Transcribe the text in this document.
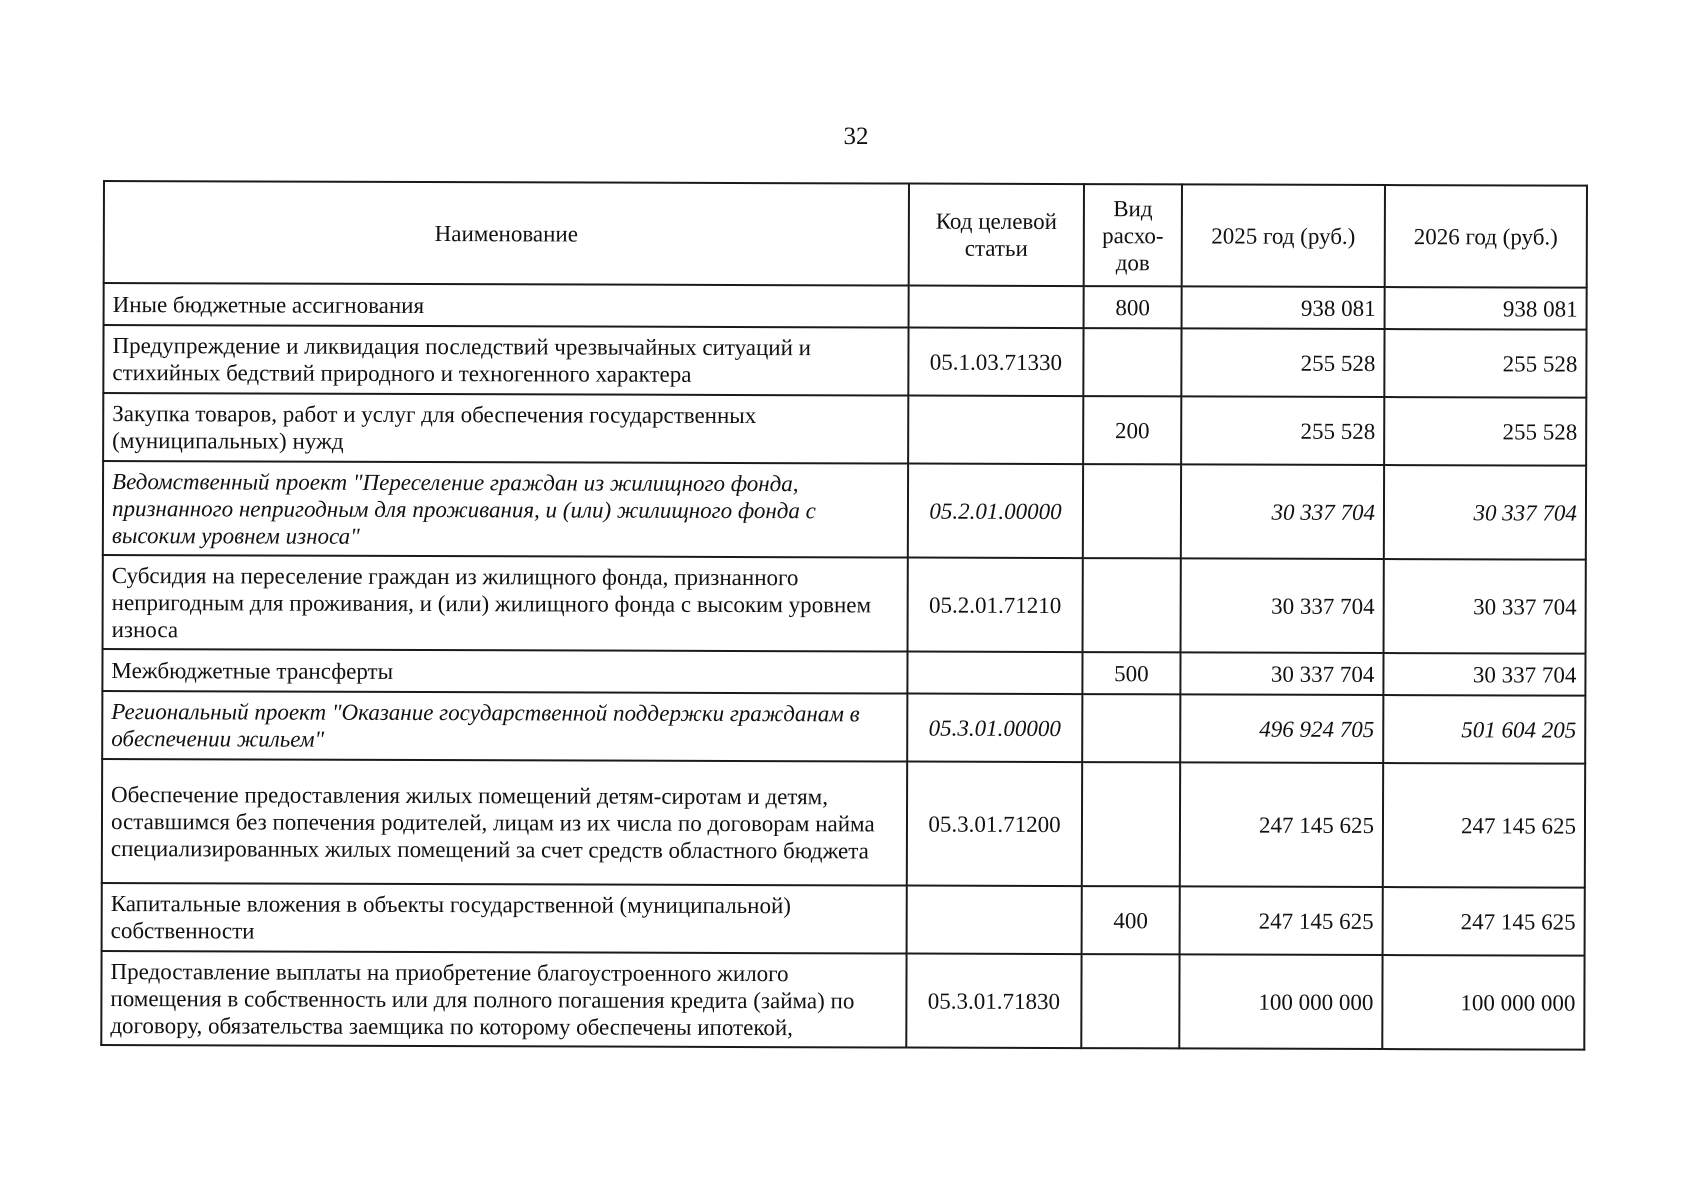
32
Наименование	Код целевой статьи	Вид расхо-дов	2025 год (руб.)	2026 год (руб.)
Иные бюджетные ассигнования		800	938 081	938 081
Предупреждение и ликвидация последствий чрезвычайных ситуаций и стихийных бедствий природного и техногенного характера	05.1.03.71330		255 528	255 528
Закупка товаров, работ и услуг для обеспечения государственных (муниципальных) нужд		200	255 528	255 528
Ведомственный проект "Переселение граждан из жилищного фонда, признанного непригодным для проживания, и (или) жилищного фонда с высоким уровнем износа"	05.2.01.00000		30 337 704	30 337 704
Субсидия на переселение граждан из жилищного фонда, признанного непригодным для проживания, и (или) жилищного фонда с высоким уровнем износа	05.2.01.71210		30 337 704	30 337 704
Межбюджетные трансферты		500	30 337 704	30 337 704
Региональный проект "Оказание государственной поддержки гражданам в обеспечении жильем"	05.3.01.00000		496 924 705	501 604 205
Обеспечение предоставления жилых помещений детям-сиротам и детям, оставшимся без попечения родителей, лицам из их числа по договорам найма специализированных жилых помещений за счет средств областного бюджета	05.3.01.71200		247 145 625	247 145 625
Капитальные вложения в объекты государственной (муниципальной) собственности		400	247 145 625	247 145 625
Предоставление выплаты на приобретение благоустроенного жилого помещения в собственность или для полного погашения кредита (займа) по договору, обязательства заемщика по которому обеспечены ипотекой,	05.3.01.71830		100 000 000	100 000 000
